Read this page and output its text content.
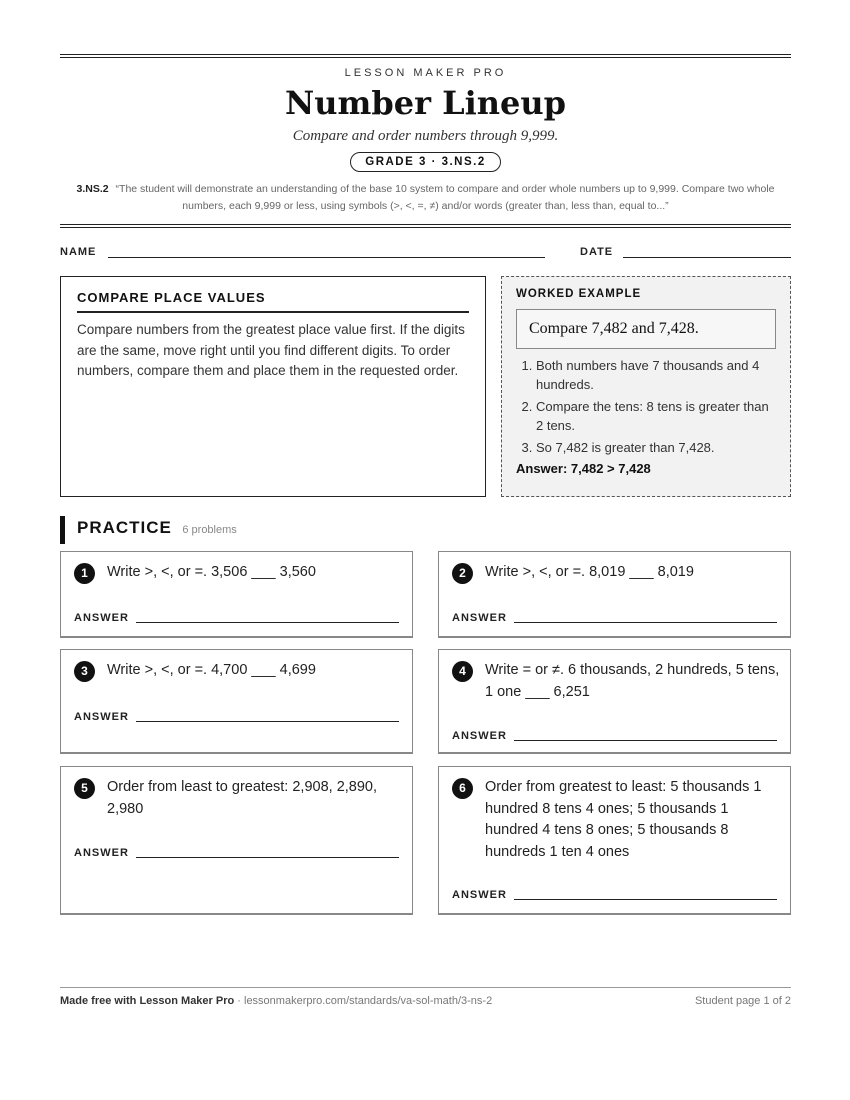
LESSON MAKER PRO
Number Lineup
Compare and order numbers through 9,999.
GRADE 3 · 3.NS.2
3.NS.2 “The student will demonstrate an understanding of the base 10 system to compare and order whole numbers up to 9,999. Compare two whole numbers, each 9,999 or less, using symbols (>, <, =, ≠) and/or words (greater than, less than, equal to...”
NAME	DATE
COMPARE PLACE VALUES
Compare numbers from the greatest place value first. If the digits are the same, move right until you find different digits. To order numbers, compare them and place them in the requested order.
WORKED EXAMPLE
Compare 7,482 and 7,428.
1. Both numbers have 7 thousands and 4 hundreds.
2. Compare the tens: 8 tens is greater than 2 tens.
3. So 7,482 is greater than 7,428.
Answer: 7,482 > 7,428
PRACTICE 6 problems
1	Write >, <, or =. 3,506 ___ 3,560
ANSWER
2	Write >, <, or =. 8,019 ___ 8,019
ANSWER
3	Write >, <, or =. 4,700 ___ 4,699
ANSWER
4	Write = or ≠. 6 thousands, 2 hundreds, 5 tens, 1 one ___ 6,251
ANSWER
5	Order from least to greatest: 2,908, 2,890, 2,980
ANSWER
6	Order from greatest to least: 5 thousands 1 hundred 8 tens 4 ones; 5 thousands 1 hundred 4 tens 8 ones; 5 thousands 8 hundreds 1 ten 4 ones
ANSWER
Made free with Lesson Maker Pro · lessonmakerpro.com/standards/va-sol-math/3-ns-2	Student page 1 of 2
